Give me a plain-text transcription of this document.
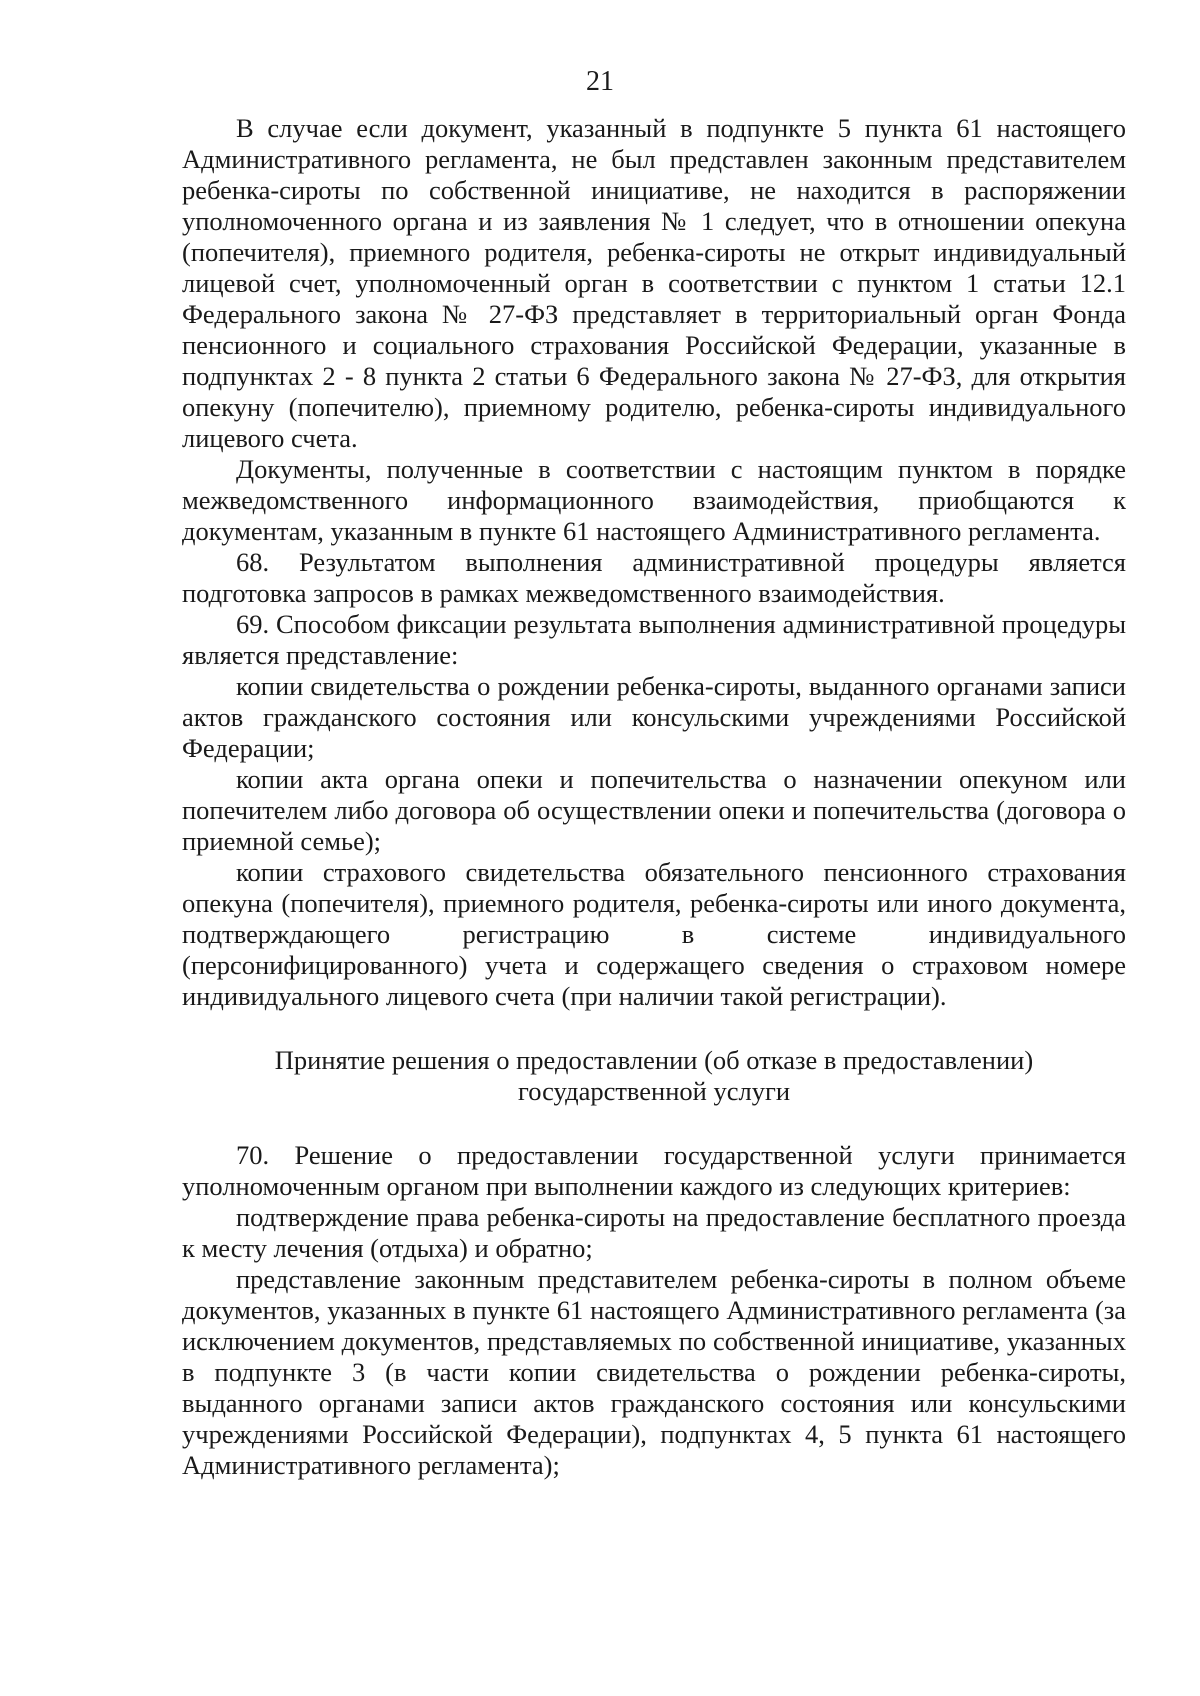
21

В случае если документ, указанный в подпункте 5 пункта 61 настоящего Административного регламента, не был представлен законным представителем ребенка-сироты по собственной инициативе, не находится в распоряжении уполномоченного органа и из заявления № 1 следует, что в отношении опекуна (попечителя), приемного родителя, ребенка-сироты не открыт индивидуальный лицевой счет, уполномоченный орган в соответствии с пунктом 1 статьи 12.1 Федерального закона № 27-ФЗ представляет в территориальный орган Фонда пенсионного и социального страхования Российской Федерации, указанные в подпунктах 2 - 8 пункта 2 статьи 6 Федерального закона № 27-ФЗ, для открытия опекуну (попечителю), приемному родителю, ребенка-сироты индивидуального лицевого счета.

Документы, полученные в соответствии с настоящим пунктом в порядке межведомственного информационного взаимодействия, приобщаются к документам, указанным в пункте 61 настоящего Административного регламента.

68. Результатом выполнения административной процедуры является подготовка запросов в рамках межведомственного взаимодействия.

69. Способом фиксации результата выполнения административной процедуры является представление:

копии свидетельства о рождении ребенка-сироты, выданного органами записи актов гражданского состояния или консульскими учреждениями Российской Федерации;

копии акта органа опеки и попечительства о назначении опекуном или попечителем либо договора об осуществлении опеки и попечительства (договора о приемной семье);

копии страхового свидетельства обязательного пенсионного страхования опекуна (попечителя), приемного родителя, ребенка-сироты или иного документа, подтверждающего регистрацию в системе индивидуального (персонифицированного) учета и содержащего сведения о страховом номере индивидуального лицевого счета (при наличии такой регистрации).

Принятие решения о предоставлении (об отказе в предоставлении)
государственной услуги

70. Решение о предоставлении государственной услуги принимается уполномоченным органом при выполнении каждого из следующих критериев:

подтверждение права ребенка-сироты на предоставление бесплатного проезда к месту лечения (отдыха) и обратно;

представление законным представителем ребенка-сироты в полном объеме документов, указанных в пункте 61 настоящего Административного регламента (за исключением документов, представляемых по собственной инициативе, указанных в подпункте 3 (в части копии свидетельства о рождении ребенка-сироты, выданного органами записи актов гражданского состояния или консульскими учреждениями Российской Федерации), подпунктах 4, 5 пункта 61 настоящего Административного регламента);
